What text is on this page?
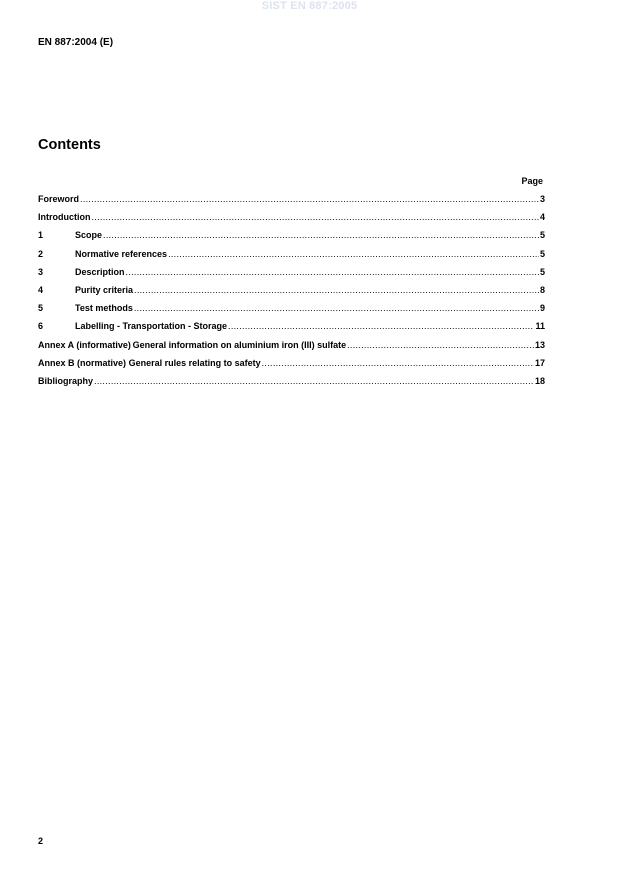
SIST EN 887:2005
EN 887:2004 (E)
Contents
Page
Foreword .....	3
Introduction .....	4
1	Scope .....	5
2	Normative references .....	5
3	Description .....	5
4	Purity criteria .....	8
5	Test methods .....	9
6	Labelling - Transportation - Storage .....	11
Annex A (informative) General information on aluminium iron (III) sulfate .....	13
Annex B (normative) General rules relating to safety .....	17
Bibliography .....	18
2
